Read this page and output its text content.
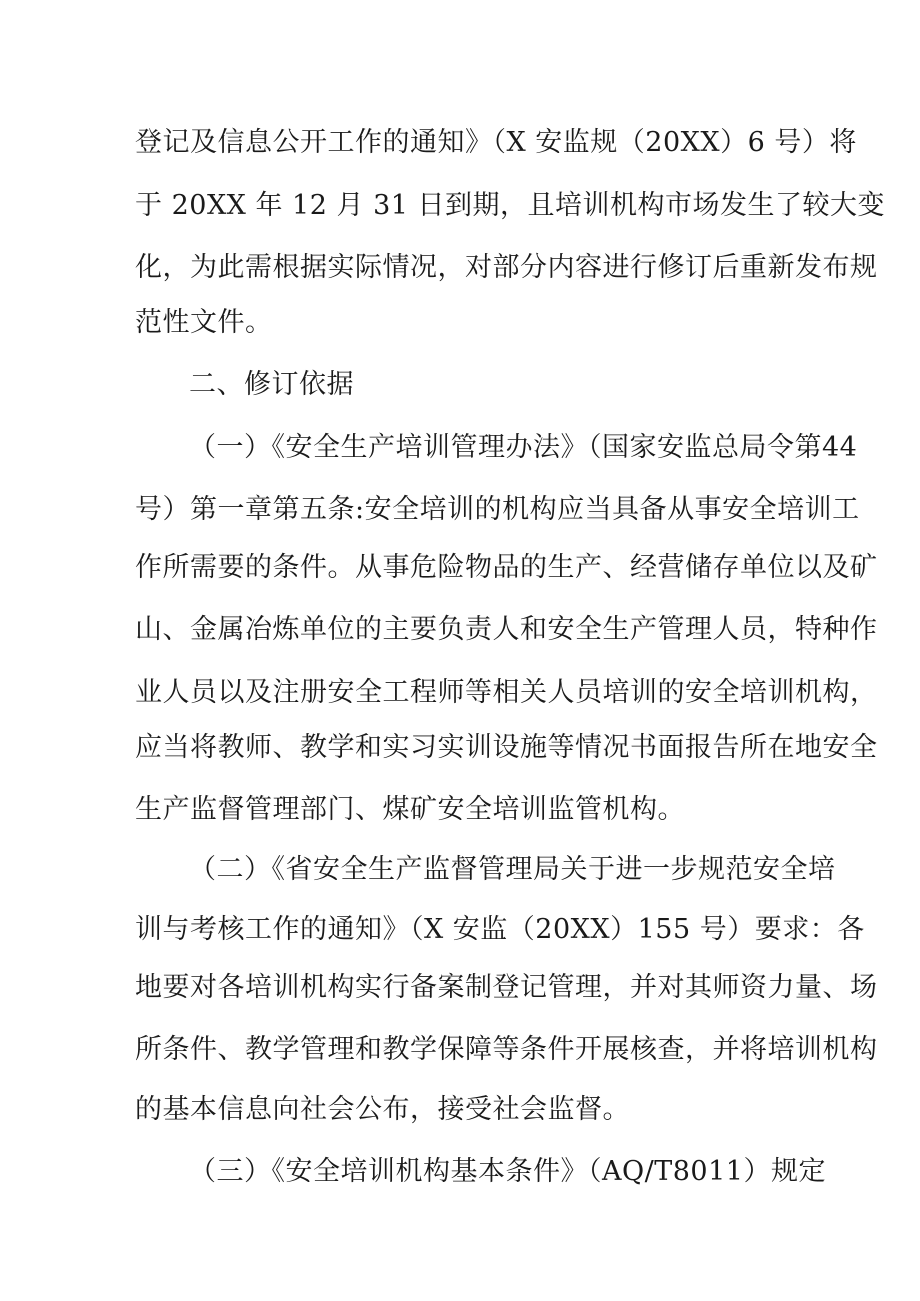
登记及信息公开工作的通知》（X 安监规（20XX）6 号）将
于 20XX 年 12 月 31 日到期，且培训机构市场发生了较大变
化，为此需根据实际情况，对部分内容进行修订后重新发布规
范性文件。
二、修订依据
（一）《安全生产培训管理办法》（国家安监总局令第44
号）第一章第五条:安全培训的机构应当具备从事安全培训工
作所需要的条件。从事危险物品的生产、经营储存单位以及矿
山、金属冶炼单位的主要负责人和安全生产管理人员，特种作
业人员以及注册安全工程师等相关人员培训的安全培训机构，
应当将教师、教学和实习实训设施等情况书面报告所在地安全
生产监督管理部门、煤矿安全培训监管机构。
（二）《省安全生产监督管理局关于进一步规范安全培
训与考核工作的通知》（X 安监（20XX）155 号）要求：各
地要对各培训机构实行备案制登记管理，并对其师资力量、场
所条件、教学管理和教学保障等条件开展核查，并将培训机构
的基本信息向社会公布，接受社会监督。
（三）《安全培训机构基本条件》（AQ/T8011）规定
